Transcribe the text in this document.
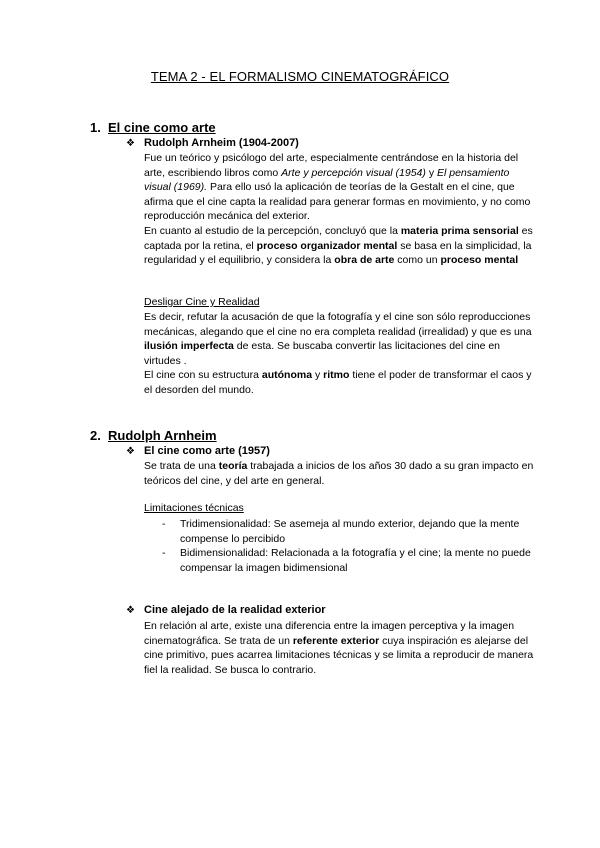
TEMA 2 - EL FORMALISMO CINEMATOGRÁFICO
1. El cine como arte
❖ Rudolph Arnheim (1904-2007)

Fue un teórico y psicólogo del arte, especialmente centrándose en la historia del arte, escribiendo libros como Arte y percepción visual (1954) y El pensamiento visual (1969). Para ello usó la aplicación de teorías de la Gestalt en el cine, que afirma que el cine capta la realidad para generar formas en movimiento, y no como reproducción mecánica del exterior.

En cuanto al estudio de la percepción, concluyó que la materia prima sensorial es captada por la retina, el proceso organizador mental se basa en la simplicidad, la regularidad y el equilibrio, y considera la obra de arte como un proceso mental

Desligar Cine y Realidad

Es decir, refutar la acusación de que la fotografía y el cine son sólo reproducciones mecánicas, alegando que el cine no era completa realidad (irrealidad) y que es una ilusión imperfecta de esta. Se buscaba convertir las licitaciones del cine en virtudes .

El cine con su estructura autónoma y ritmo tiene el poder de transformar el caos y el desorden del mundo.

2. Rudolph Arnheim
❖ El cine como arte (1957)

Se trata de una teoría trabajada a inicios de los años 30 dado a su gran impacto en teóricos del cine, y del arte en general.

Limitaciones técnicas
- Tridimensionalidad: Se asemeja al mundo exterior, dejando que la mente compense lo percibido
- Bidimensionalidad: Relacionada a la fotografía y el cine; la mente no puede compensar la imagen bidimensional
❖ Cine alejado de la realidad exterior

En relación al arte, existe una diferencia entre la imagen perceptiva y la imagen cinematográfica. Se trata de un referente exterior cuya inspiración es alejarse del cine primitivo, pues acarrea limitaciones técnicas y se limita a reproducir de manera fiel la realidad. Se busca lo contrario.
